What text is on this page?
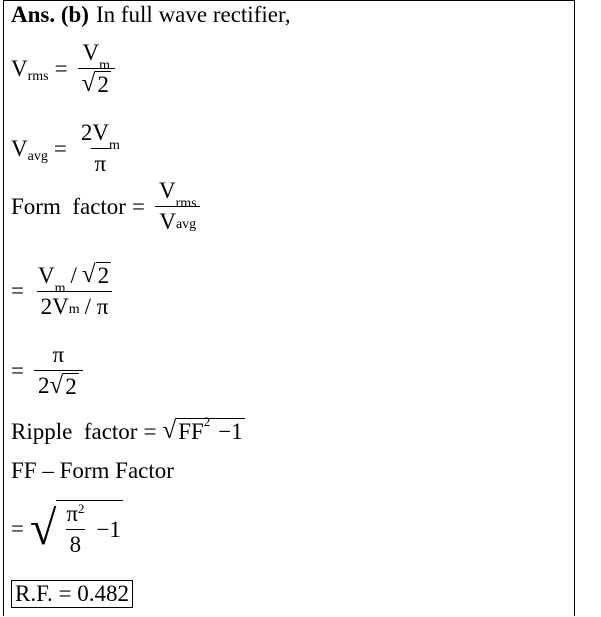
Ans. (b) In full wave rectifier,
V rms = V
m
√ 2
V avg = 2V
m
π
Form  factor = V
rms
V avg
= V
m
/ √ 2
2V m / π
= $\frac{\pi}{2 √ 2}$
Ripple  factor = √ FF 2 −1
FF – Form Factor
= √ $\frac{\pi 2}{8} -1$
R.F. = 0.482
